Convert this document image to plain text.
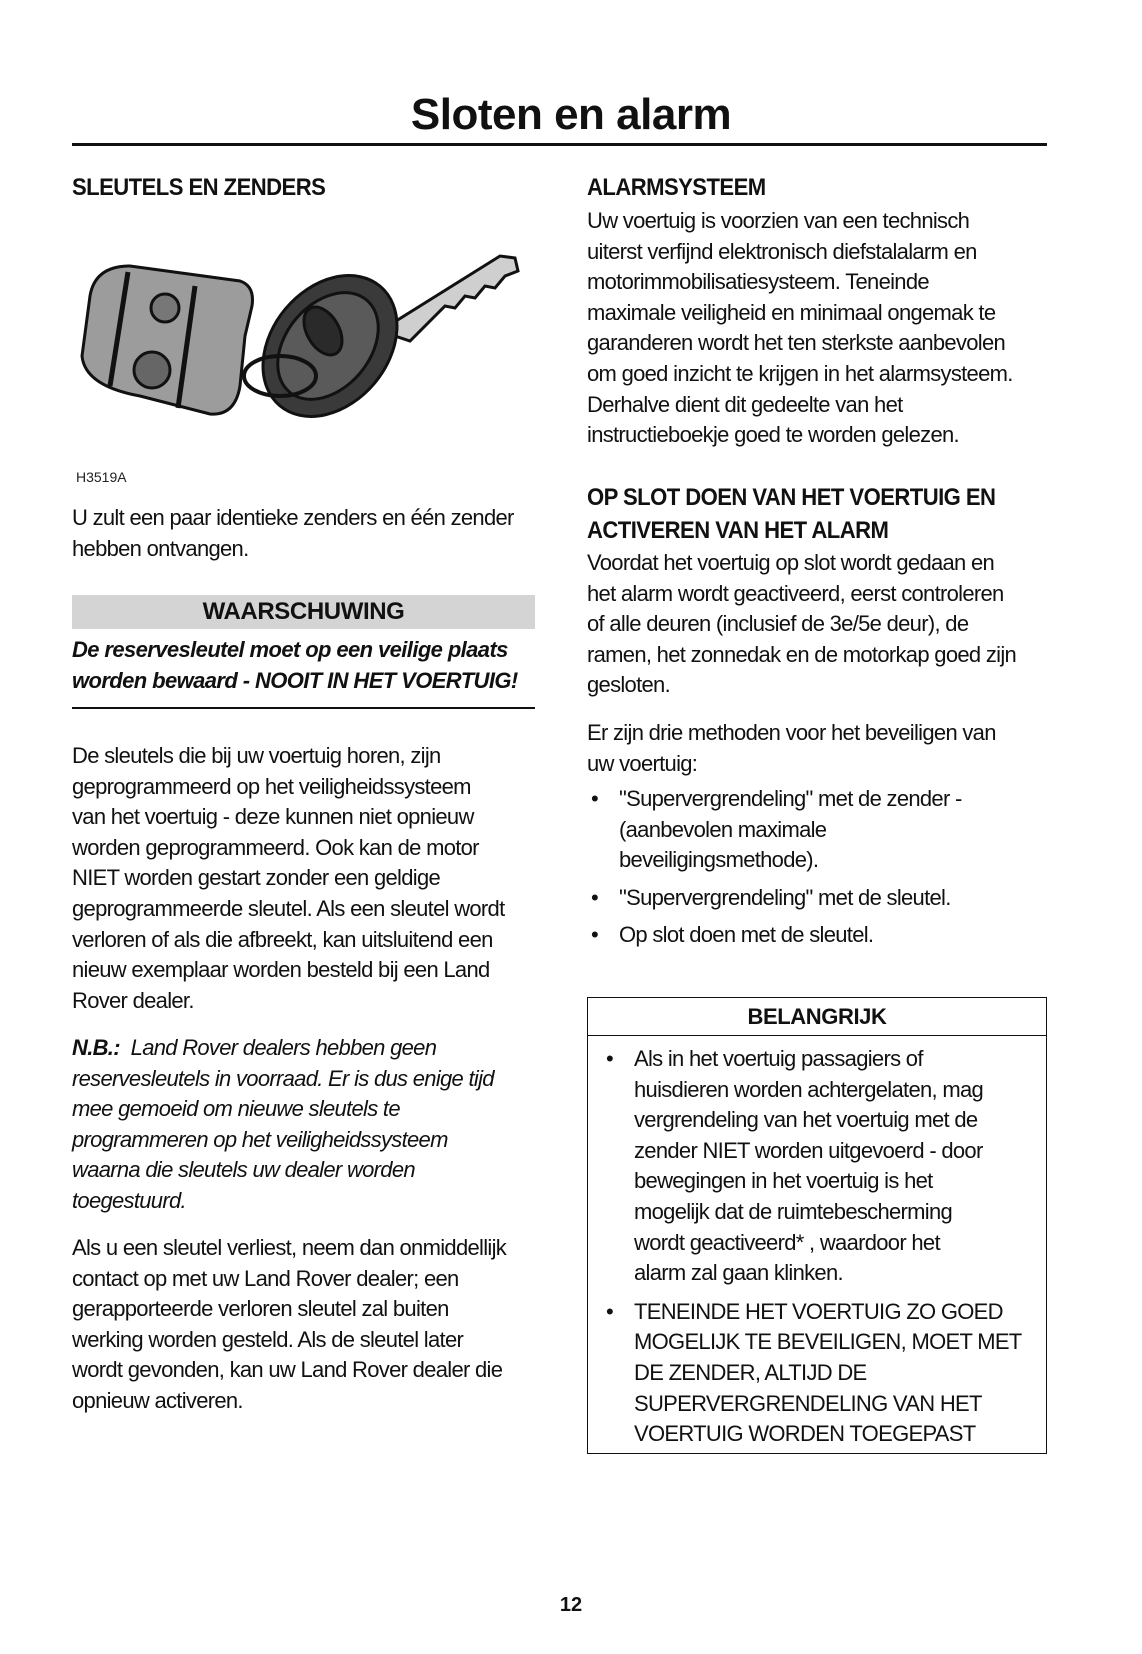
Sloten en alarm
SLEUTELS EN ZENDERS
H3519A
U zult een paar identieke zenders en één zender
hebben ontvangen.
WAARSCHUWING
De reservesleutel moet op een veilige plaats
worden bewaard - NOOIT IN HET VOERTUIG!
De sleutels die bij uw voertuig horen, zijn
geprogrammeerd op het veiligheidssysteem
van het voertuig - deze kunnen niet opnieuw
worden geprogrammeerd. Ook kan de motor
NIET worden gestart zonder een geldige
geprogrammeerde sleutel. Als een sleutel wordt
verloren of als die afbreekt, kan uitsluitend een
nieuw exemplaar worden besteld bij een Land
Rover dealer.
N.B.: Land Rover dealers hebben geen
reservesleutels in voorraad. Er is dus enige tijd
mee gemoeid om nieuwe sleutels te
programmeren op het veiligheidssysteem
waarna die sleutels uw dealer worden
toegestuurd.
Als u een sleutel verliest, neem dan onmiddellijk
contact op met uw Land Rover dealer; een
gerapporteerde verloren sleutel zal buiten
werking worden gesteld. Als de sleutel later
wordt gevonden, kan uw Land Rover dealer die
opnieuw activeren.
ALARMSYSTEEM
Uw voertuig is voorzien van een technisch
uiterst verfijnd elektronisch diefstalalarm en
motorimmobilisatiesysteem. Teneinde
maximale veiligheid en minimaal ongemak te
garanderen wordt het ten sterkste aanbevolen
om goed inzicht te krijgen in het alarmsysteem.
Derhalve dient dit gedeelte van het
instructieboekje goed te worden gelezen.
OP SLOT DOEN VAN HET VOERTUIG EN
ACTIVEREN VAN HET ALARM
Voordat het voertuig op slot wordt gedaan en
het alarm wordt geactiveerd, eerst controleren
of alle deuren (inclusief de 3e/5e deur), de
ramen, het zonnedak en de motorkap goed zijn
gesloten.
Er zijn drie methoden voor het beveiligen van
uw voertuig:
• "Supervergrendeling" met de zender -
(aanbevolen maximale
beveiligingsmethode).
• "Supervergrendeling" met de sleutel.
• Op slot doen met de sleutel.
BELANGRIJK
• Als in het voertuig passagiers of
huisdieren worden achtergelaten, mag
vergrendeling van het voertuig met de
zender NIET worden uitgevoerd - door
bewegingen in het voertuig is het
mogelijk dat de ruimtebescherming
wordt geactiveerd* , waardoor het
alarm zal gaan klinken.
• TENEINDE HET VOERTUIG ZO GOED
MOGELIJK TE BEVEILIGEN, MOET MET
DE ZENDER, ALTIJD DE
SUPERVERGRENDELING VAN HET
VOERTUIG WORDEN TOEGEPAST
12
